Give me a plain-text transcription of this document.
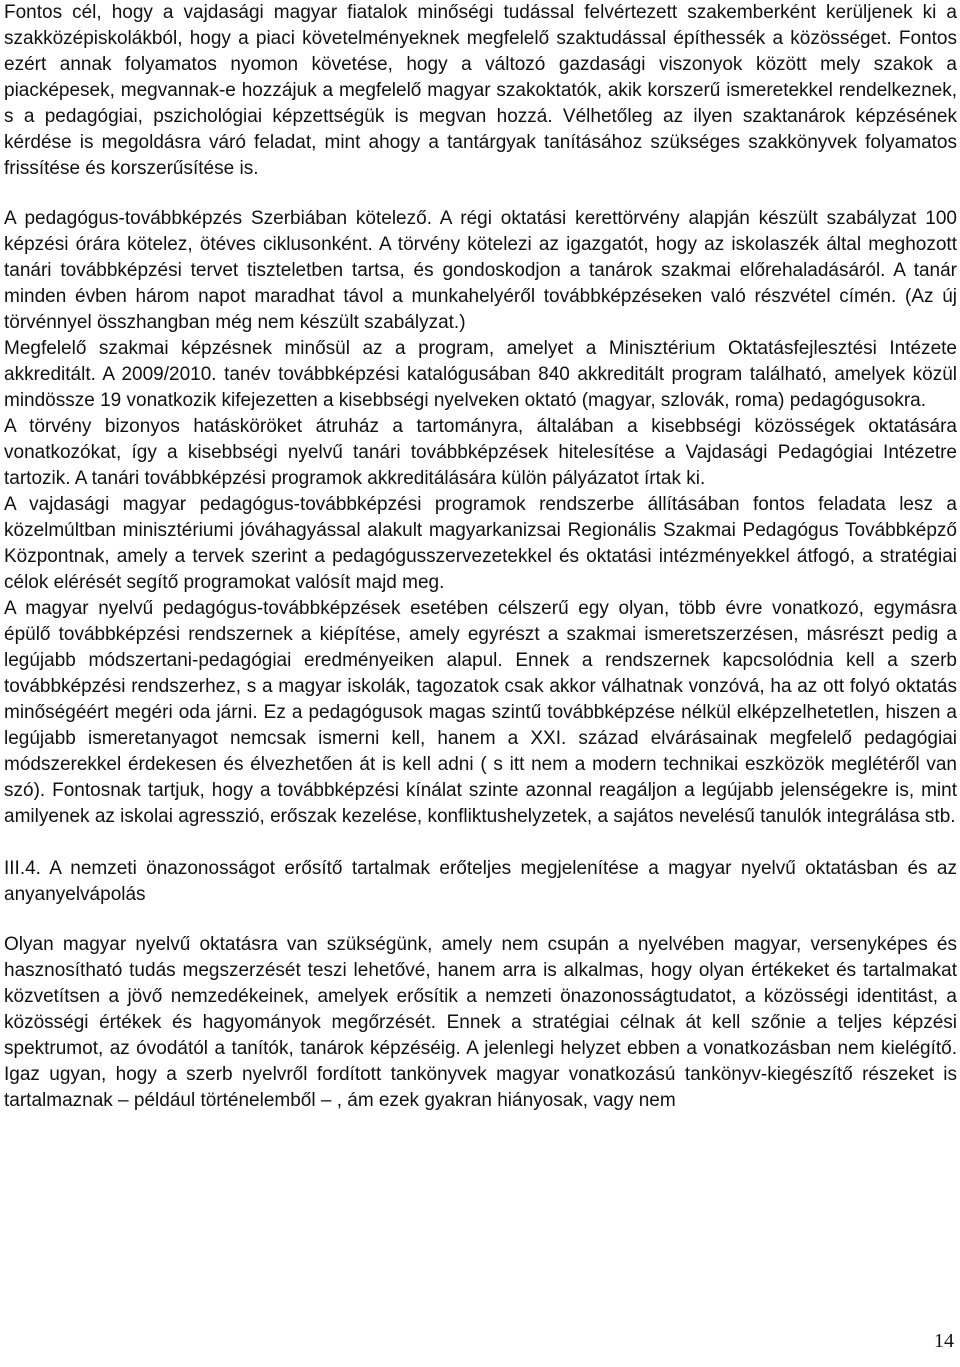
Fontos cél, hogy a vajdasági magyar fiatalok minőségi tudással felvértezett szakemberként kerüljenek ki a szakközépiskolákból, hogy a piaci követelményeknek megfelelő szaktudással építhessék a közösséget. Fontos ezért annak folyamatos nyomon követése, hogy a változó gazdasági viszonyok között mely szakok a piacképesek, megvannak-e hozzájuk a megfelelő magyar szakoktatók, akik korszerű ismeretekkel rendelkeznek, s a pedagógiai, pszichológiai képzettségük is megvan hozzá. Vélhetőleg az ilyen szaktanárok képzésének kérdése is megoldásra váró feladat, mint ahogy a tantárgyak tanításához szükséges szakkönyvek folyamatos frissítése és korszerűsítése is.

A pedagógus-továbbképzés Szerbiában kötelező. A régi oktatási kerettörvény alapján készült szabályzat 100 képzési órára kötelez, ötéves ciklusonként. A törvény kötelezi az igazgatót, hogy az iskolaszék által meghozott tanári továbbképzési tervet tiszteletben tartsa, és gondoskodjon a tanárok szakmai előrehaladásáról. A tanár minden évben három napot maradhat távol a munkahelyéről továbbképzéseken való részvétel címén. (Az új törvénnyel összhangban még nem készült szabályzat.)

Megfelelő szakmai képzésnek minősül az a program, amelyet a Minisztérium Oktatásfejlesztési Intézete akkreditált. A 2009/2010. tanév továbbképzési katalógusában 840 akkreditált program található, amelyek közül mindössze 19 vonatkozik kifejezetten a kisebbségi nyelveken oktató (magyar, szlovák, roma) pedagógusokra.

A törvény bizonyos hatásköröket átruház a tartományra, általában a kisebbségi közösségek oktatására vonatkozókat, így a kisebbségi nyelvű tanári továbbképzések hitelesítése a Vajdasági Pedagógiai Intézetre tartozik. A tanári továbbképzési programok akkreditálására külön pályázatot írtak ki.

A vajdasági magyar pedagógus-továbbképzési programok rendszerbe állításában fontos feladata lesz a közelmúltban minisztériumi jóváhagyással alakult magyarkanizsai Regionális Szakmai Pedagógus Továbbképző Központnak, amely a tervek szerint a pedagógusszervezetekkel és oktatási intézményekkel átfogó, a stratégiai célok elérését segítő programokat valósít majd meg.

A magyar nyelvű pedagógus-továbbképzések esetében célszerű egy olyan, több évre vonatkozó, egymásra épülő továbbképzési rendszernek a kiépítése, amely egyrészt a szakmai ismeretszerzésen, másrészt pedig a legújabb módszertani-pedagógiai eredményeiken alapul. Ennek a rendszernek kapcsolódnia kell a szerb továbbképzési rendszerhez, s a magyar iskolák, tagozatok csak akkor válhatnak vonzóvá, ha az ott folyó oktatás minőségéért megéri oda járni. Ez a pedagógusok magas szintű továbbképzése nélkül elképzelhetetlen, hiszen a legújabb ismeretanyagot nemcsak ismerni kell, hanem a XXI. század elvárásainak megfelelő pedagógiai módszerekkel érdekesen és élvezhetően át is kell adni ( s itt nem a modern technikai eszközök meglétéről van szó). Fontosnak tartjuk, hogy a továbbképzési kínálat szinte azonnal reagáljon a legújabb jelenségekre is, mint amilyenek az iskolai agresszió, erőszak kezelése, konfliktushelyzetek, a sajátos nevelésű tanulók integrálása stb.

III.4. A nemzeti önazonosságot erősítő tartalmak erőteljes megjelenítése a magyar nyelvű oktatásban és az anyanyelvápolás

Olyan magyar nyelvű oktatásra van szükségünk, amely nem csupán a nyelvében magyar, versenyképes és hasznosítható tudás megszerzését teszi lehetővé, hanem arra is alkalmas, hogy olyan értékeket és tartalmakat közvetítsen a jövő nemzedékeinek, amelyek erősítik a nemzeti önazonosságtudatot, a közösségi identitást, a közösségi értékek és hagyományok megőrzését. Ennek a stratégiai célnak át kell szőnie a teljes képzési spektrumot, az óvodától a tanítók, tanárok képzéséig. A jelenlegi helyzet ebben a vonatkozásban nem kielégítő. Igaz ugyan, hogy a szerb nyelvről fordított tankönyvek magyar vonatkozású tankönyv-kiegészítő részeket is tartalmaznak – például történelemből – , ám ezek gyakran hiányosak, vagy nem

14
